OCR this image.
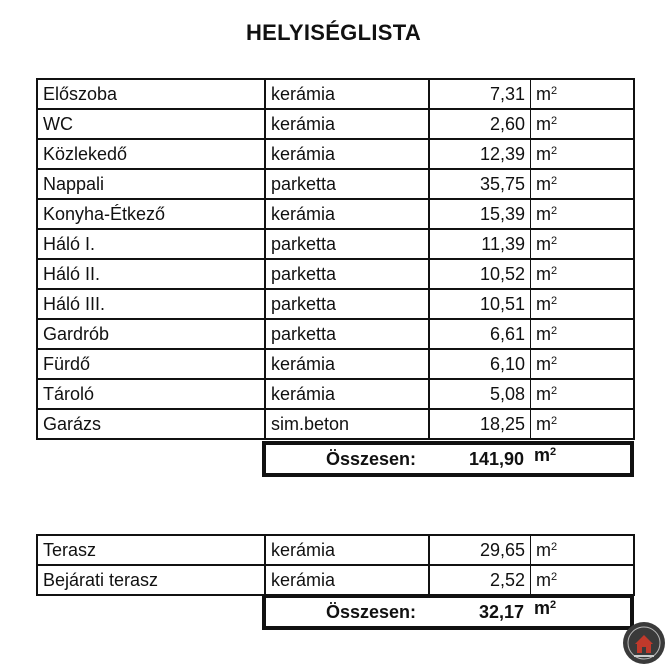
HELYISÉGLISTA
Előszoba	kerámia	7,31	$m^2$
WC	kerámia	2,60	$m^2$
Közlekedő	kerámia	12,39	$m^2$
Nappali	parketta	35,75	$m^2$
Konyha-Étkező	kerámia	15,39	$m^2$
Háló I.	parketta	11,39	$m^2$
Háló II.	parketta	10,52	$m^2$
Háló III.	parketta	10,51	$m^2$
Gardrób	parketta	6,61	$m^2$
Fürdő	kerámia	6,10	$m^2$
Tároló	kerámia	5,08	$m^2$
Garázs	sim.beton	18,25	$m^2$
Összesen:	141,90 $m^2$
Terasz	kerámia	29,65	$m^2$
Bejárati terasz	kerámia	2,52	$m^2$
Összesen:	32,17 $m^2$
